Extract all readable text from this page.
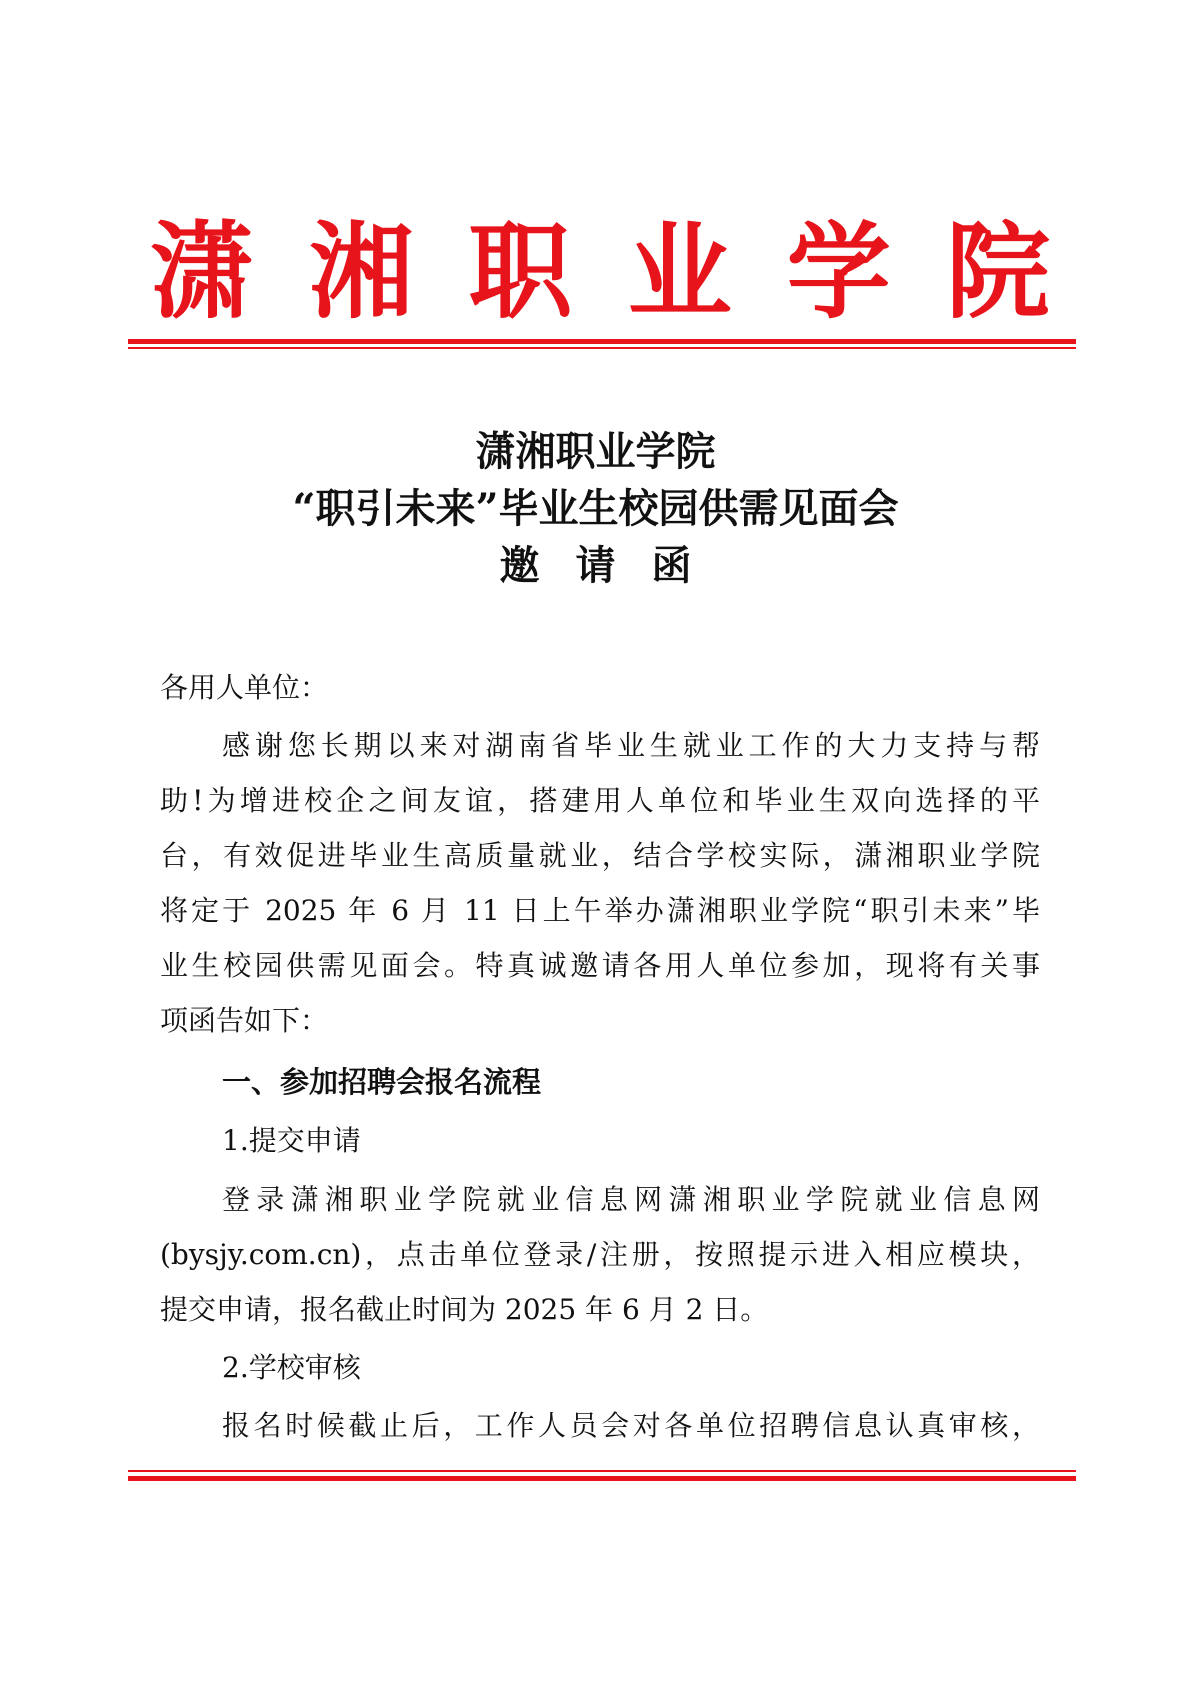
潇 湘 职 业 学 院
潇湘职业学院
“职引未来”毕业生校园供需见面会
邀请函

各用人单位：

感谢您长期以来对湖南省毕业生就业工作的大力支持与帮
助!为增进校企之间友谊，搭建用人单位和毕业生双向选择的平
台，有效促进毕业生高质量就业，结合学校实际，潇湘职业学院
将定于 2025 年 6 月 11 日上午举办潇湘职业学院“职引未来”毕
业生校园供需见面会。特真诚邀请各用人单位参加，现将有关事
项函告如下：

一、参加招聘会报名流程

1.提交申请

登录潇湘职业学院就业信息网潇湘职业学院就业信息网
(bysjy.com.cn)，点击单位登录/注册，按照提示进入相应模块，
提交申请，报名截止时间为 2025 年 6 月 2 日。

2.学校审核

报名时候截止后，工作人员会对各单位招聘信息认真审核，
